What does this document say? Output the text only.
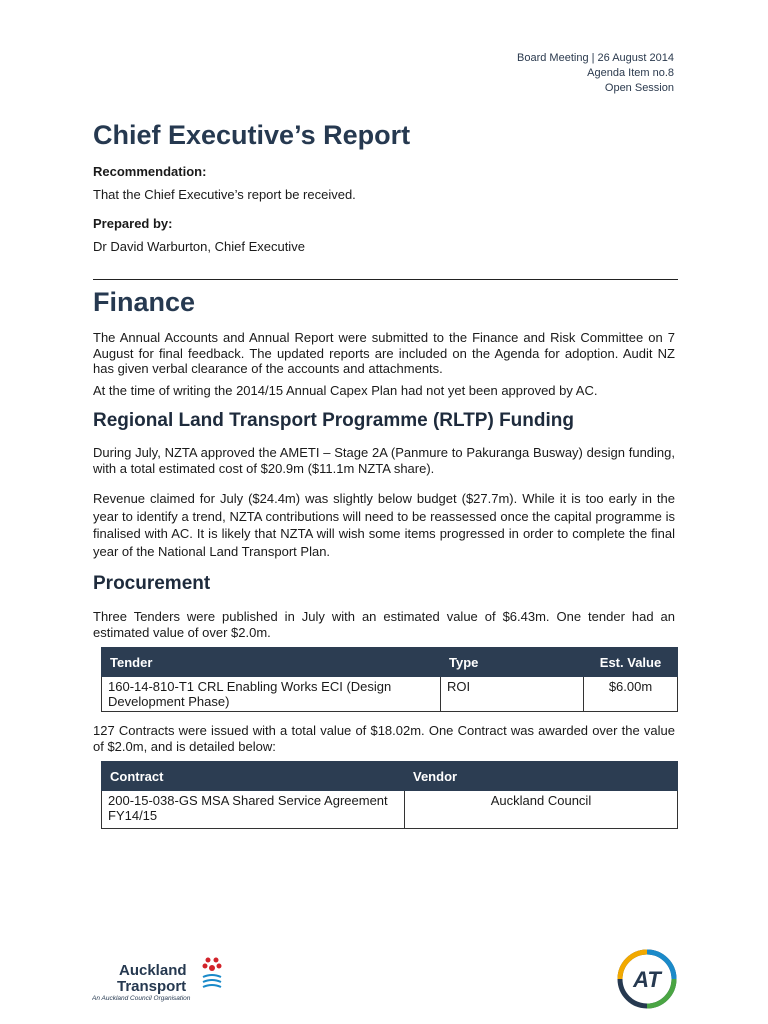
Board Meeting | 26 August 2014
Agenda Item no.8
Open Session
Chief Executive’s Report

Recommendation:

That the Chief Executive’s report be received.

Prepared by:

Dr David Warburton, Chief Executive

Finance

The Annual Accounts and Annual Report were submitted to the Finance and Risk Committee on 7 August for final feedback. The updated reports are included on the Agenda for adoption. Audit NZ has given verbal clearance of the accounts and attachments.

At the time of writing the 2014/15 Annual Capex Plan had not yet been approved by AC.

Regional Land Transport Programme (RLTP) Funding

During July, NZTA approved the AMETI – Stage 2A (Panmure to Pakuranga Busway) design funding, with a total estimated cost of $20.9m ($11.1m NZTA share).

Revenue claimed for July ($24.4m) was slightly below budget ($27.7m). While it is too early in the year to identify a trend, NZTA contributions will need to be reassessed once the capital programme is finalised with AC. It is likely that NZTA will wish some items progressed in order to complete the final year of the National Land Transport Plan.

Procurement

Three Tenders were published in July with an estimated value of $6.43m. One tender had an estimated value of over $2.0m.

Tender	Type	Est. Value
160-14-810-T1 CRL Enabling Works ECI (Design Development Phase)	ROI	$6.00m

127 Contracts were issued with a total value of $18.02m. One Contract was awarded over the value of $2.0m, and is detailed below:

Contract	Vendor
200-15-038-GS MSA Shared Service Agreement FY14/15	Auckland Council
Auckland
Transport
An Auckland Council Organisation
AT
